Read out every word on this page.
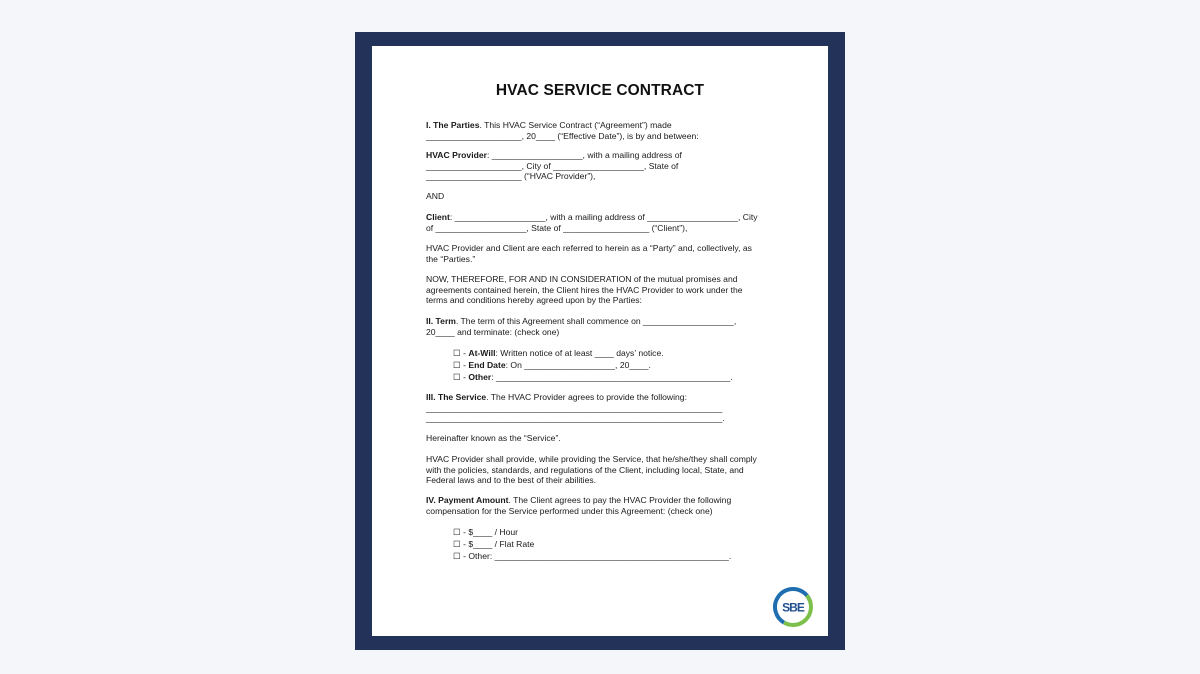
HVAC SERVICE CONTRACT
I. The Parties. This HVAC Service Contract (“Agreement”) made
____________________, 20____ (“Effective Date”), is by and between:
HVAC Provider: ___________________, with a mailing address of
____________________, City of ___________________, State of
____________________ (“HVAC Provider”),
AND
Client: ___________________, with a mailing address of ___________________, City
of ___________________, State of __________________ (“Client”),
HVAC Provider and Client are each referred to herein as a “Party” and, collectively, as
the “Parties.”
NOW, THEREFORE, FOR AND IN CONSIDERATION of the mutual promises and
agreements contained herein, the Client hires the HVAC Provider to work under the
terms and conditions hereby agreed upon by the Parties:
II. Term. The term of this Agreement shall commence on ___________________,
20____ and terminate: (check one)
☐ - At-Will: Written notice of at least ____ days’ notice.
☐ - End Date: On ___________________, 20____.
☐ - Other: _________________________________________________.
III. The Service. The HVAC Provider agrees to provide the following:
______________________________________________________________
______________________________________________________________.
Hereinafter known as the “Service”.
HVAC Provider shall provide, while providing the Service, that he/she/they shall comply
with the policies, standards, and regulations of the Client, including local, State, and
Federal laws and to the best of their abilities.
IV. Payment Amount. The Client agrees to pay the HVAC Provider the following
compensation for the Service performed under this Agreement: (check one)
☐ - $____ / Hour
☐ - $____ / Flat Rate
☐ - Other: _________________________________________________.
SBE
